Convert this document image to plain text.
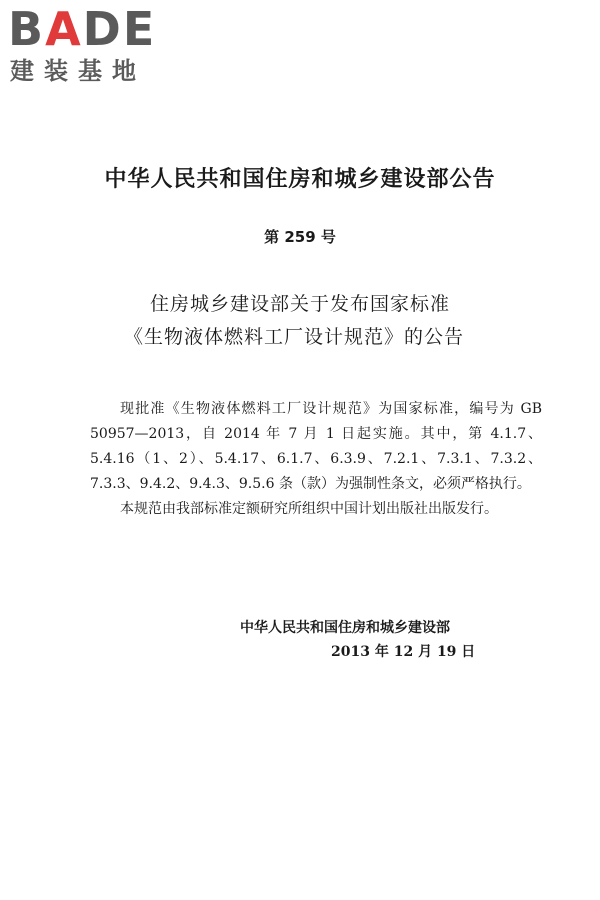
BADE
建装基地
中华人民共和国住房和城乡建设部公告
第 259 号
住房城乡建设部关于发布国家标准
《生物液体燃料工厂设计规范》的公告

现批准《生物液体燃料工厂设计规范》为国家标准，编号为 GB 50957—2013，自 2014 年 7 月 1 日起实施。其中，第 4.1.7、5.4.16（1、2）、5.4.17、6.1.7、6.3.9、7.2.1、7.3.1、7.3.2、7.3.3、9.4.2、9.4.3、9.5.6 条（款）为强制性条文，必须严格执行。

本规范由我部标准定额研究所组织中国计划出版社出版发行。

中华人民共和国住房和城乡建设部
2013 年 12 月 19 日
